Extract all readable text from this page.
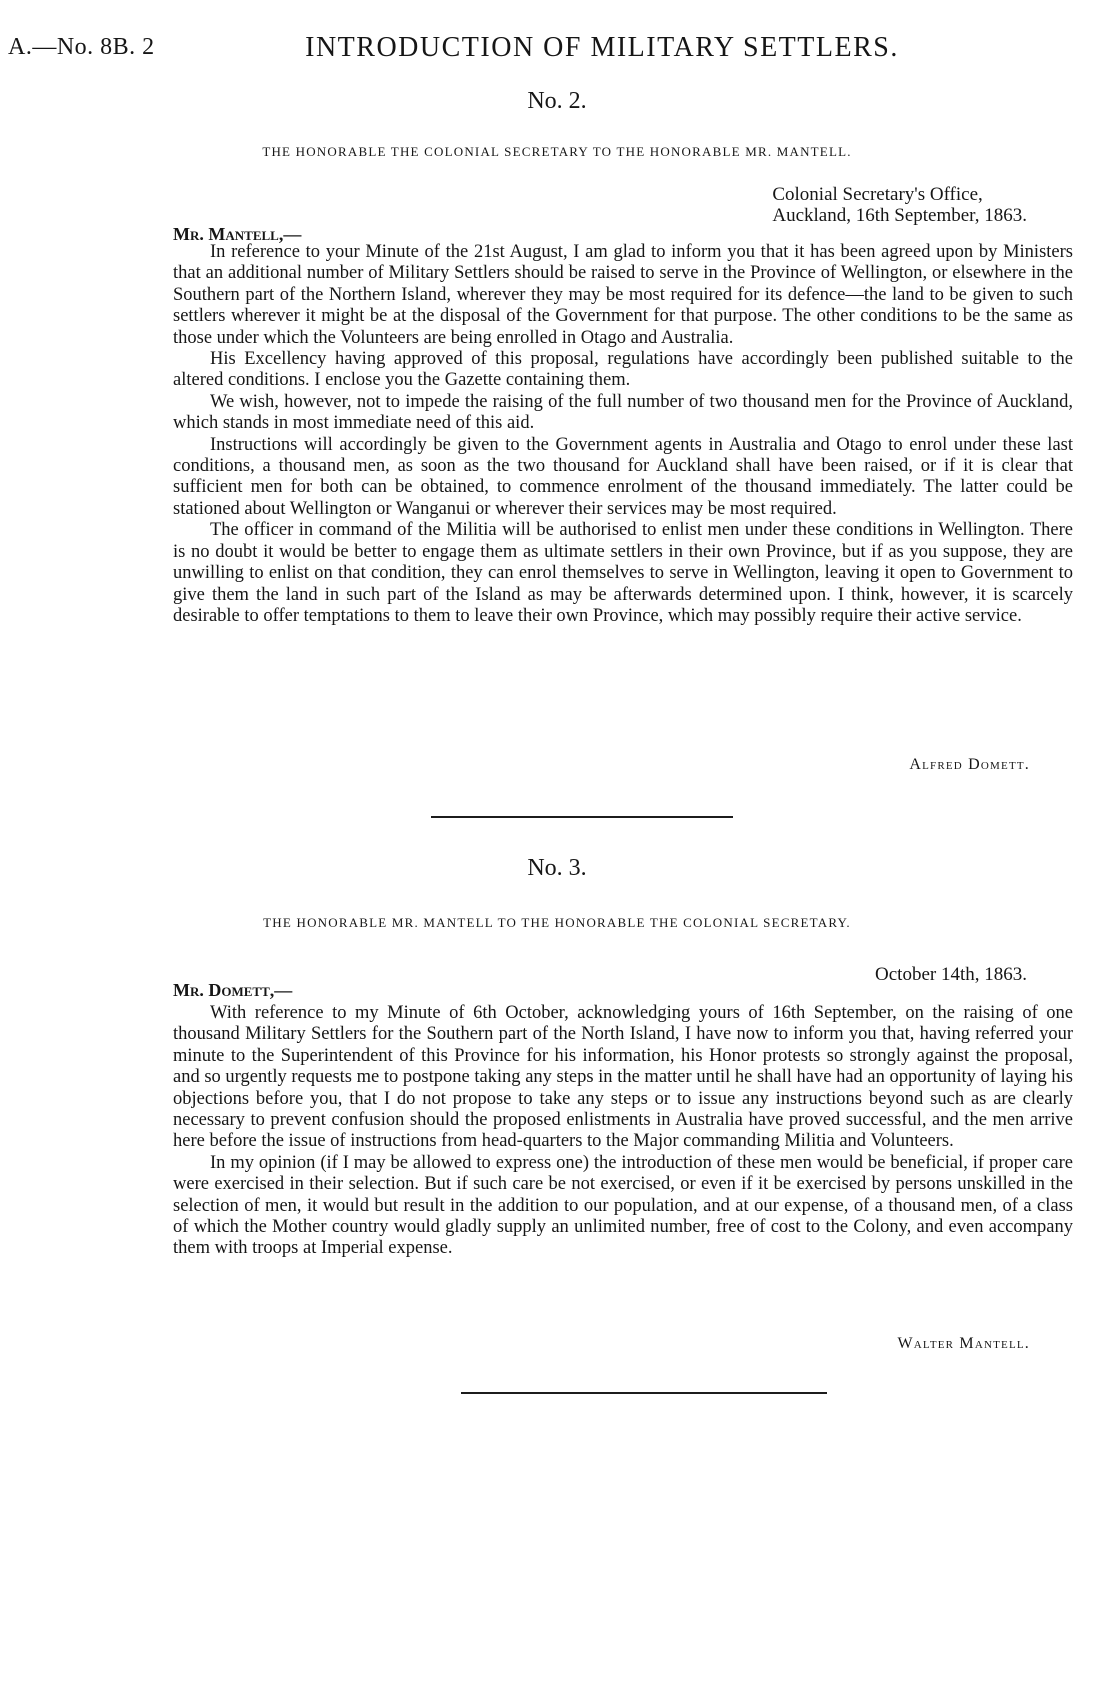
A.—No. 8B. 2	INTRODUCTION OF MILITARY SETTLERS.
No. 2.
THE HONORABLE THE COLONIAL SECRETARY TO THE HONORABLE MR. MANTELL.
Colonial Secretary's Office,
Auckland, 16th September, 1863.
Mr. Mantell,—

In reference to your Minute of the 21st August, I am glad to inform you that it has been agreed upon by Ministers that an additional number of Military Settlers should be raised to serve in the Province of Wellington, or elsewhere in the Southern part of the Northern Island, wherever they may be most required for its defence—the land to be given to such settlers wherever it might be at the disposal of the Government for that purpose. The other conditions to be the same as those under which the Volunteers are being enrolled in Otago and Australia.

His Excellency having approved of this proposal, regulations have accordingly been published suitable to the altered conditions. I enclose you the Gazette containing them.

We wish, however, not to impede the raising of the full number of two thousand men for the Province of Auckland, which stands in most immediate need of this aid.

Instructions will accordingly be given to the Government agents in Australia and Otago to enrol under these last conditions, a thousand men, as soon as the two thousand for Auckland shall have been raised, or if it is clear that sufficient men for both can be obtained, to commence enrolment of the thousand immediately. The latter could be stationed about Wellington or Wanganui or wherever their services may be most required.

The officer in command of the Militia will be authorised to enlist men under these conditions in Wellington. There is no doubt it would be better to engage them as ultimate settlers in their own Province, but if as you suppose, they are unwilling to enlist on that condition, they can enrol themselves to serve in Wellington, leaving it open to Government to give them the land in such part of the Island as may be afterwards determined upon. I think, however, it is scarcely desirable to offer temptations to them to leave their own Province, which may possibly require their active service.

Alfred Domett.
No. 3.
THE HONORABLE MR. MANTELL TO THE HONORABLE THE COLONIAL SECRETARY.
October 14th, 1863.
Mr. Domett,—

With reference to my Minute of 6th October, acknowledging yours of 16th September, on the raising of one thousand Military Settlers for the Southern part of the North Island, I have now to inform you that, having referred your minute to the Superintendent of this Province for his information, his Honor protests so strongly against the proposal, and so urgently requests me to postpone taking any steps in the matter until he shall have had an opportunity of laying his objections before you, that I do not propose to take any steps or to issue any instructions beyond such as are clearly necessary to prevent confusion should the proposed enlistments in Australia have proved successful, and the men arrive here before the issue of instructions from head-quarters to the Major commanding Militia and Volunteers.

In my opinion (if I may be allowed to express one) the introduction of these men would be beneficial, if proper care were exercised in their selection. But if such care be not exercised, or even if it be exercised by persons unskilled in the selection of men, it would but result in the addition to our population, and at our expense, of a thousand men, of a class of which the Mother country would gladly supply an unlimited number, free of cost to the Colony, and even accompany them with troops at Imperial expense.

Walter Mantell.
